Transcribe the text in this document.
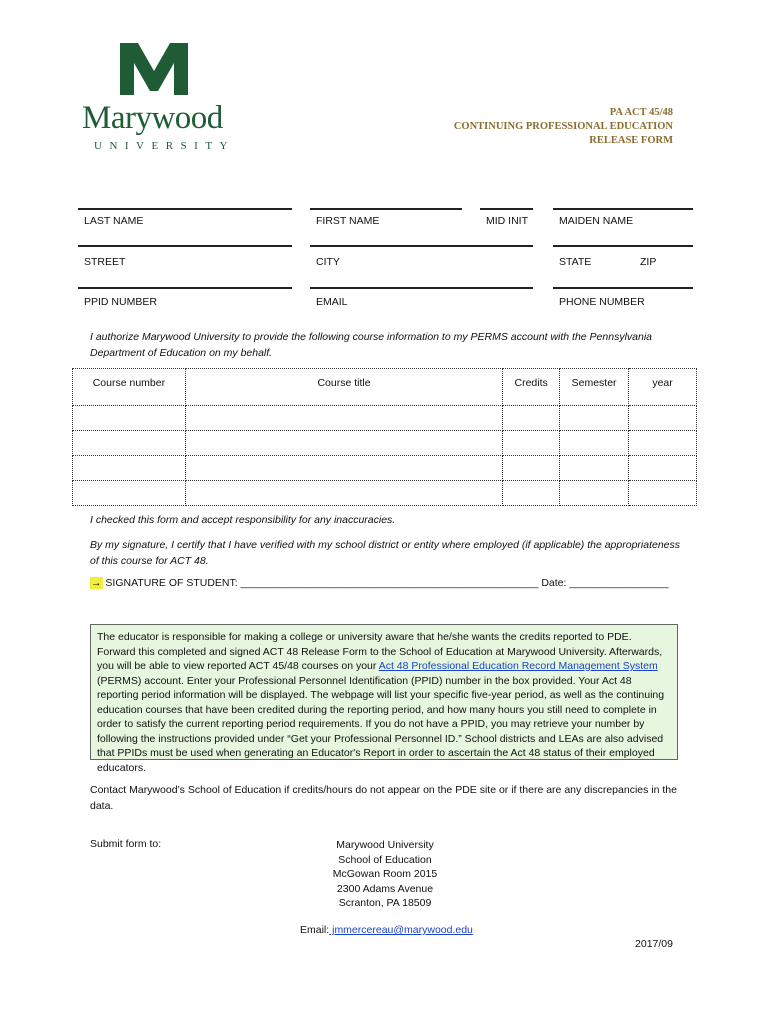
Marywood
UNIVERSITY
PA ACT 45/48
CONTINUING PROFESSIONAL EDUCATION
RELEASE FORM
LAST NAME	FIRST NAME	MID INIT	MAIDEN NAME
STREET	CITY	STATE	ZIP
PPID NUMBER	EMAIL	PHONE NUMBER
I authorize Marywood University to provide the following course information to my PERMS account with the Pennsylvania Department of Education on my behalf.
Course number	Course title	Credits	Semester	year

I checked this form and accept responsibility for any inaccuracies.
By my signature, I certify that I have verified with my school district or entity where employed (if applicable) the appropriateness of this course for ACT 48.
→ SIGNATURE OF STUDENT: ___________________________________________________ Date: _________________
The educator is responsible for making a college or university aware that he/she wants the credits reported to PDE. Forward this completed and signed ACT 48 Release Form to the School of Education at Marywood University. Afterwards, you will be able to view reported ACT 45/48 courses on your Act 48 Professional Education Record Management System (PERMS) account. Enter your Professional Personnel Identification (PPID) number in the box provided. Your Act 48 reporting period information will be displayed. The webpage will list your specific five-year period, as well as the continuing education courses that have been credited during the reporting period, and how many hours you still need to complete in order to satisfy the current reporting period requirements. If you do not have a PPID, you may retrieve your number by following the instructions provided under “Get your Professional Personnel ID.” School districts and LEAs are also advised that PPIDs must be used when generating an Educator's Report in order to ascertain the Act 48 status of their employed educators.
Contact Marywood’s School of Education if credits/hours do not appear on the PDE site or if there are any discrepancies in the data.
Submit form to:	Marywood University
School of Education
McGowan Room 2015
2300 Adams Avenue
Scranton, PA 18509
Email: jmmercereau@marywood.edu
2017/09
